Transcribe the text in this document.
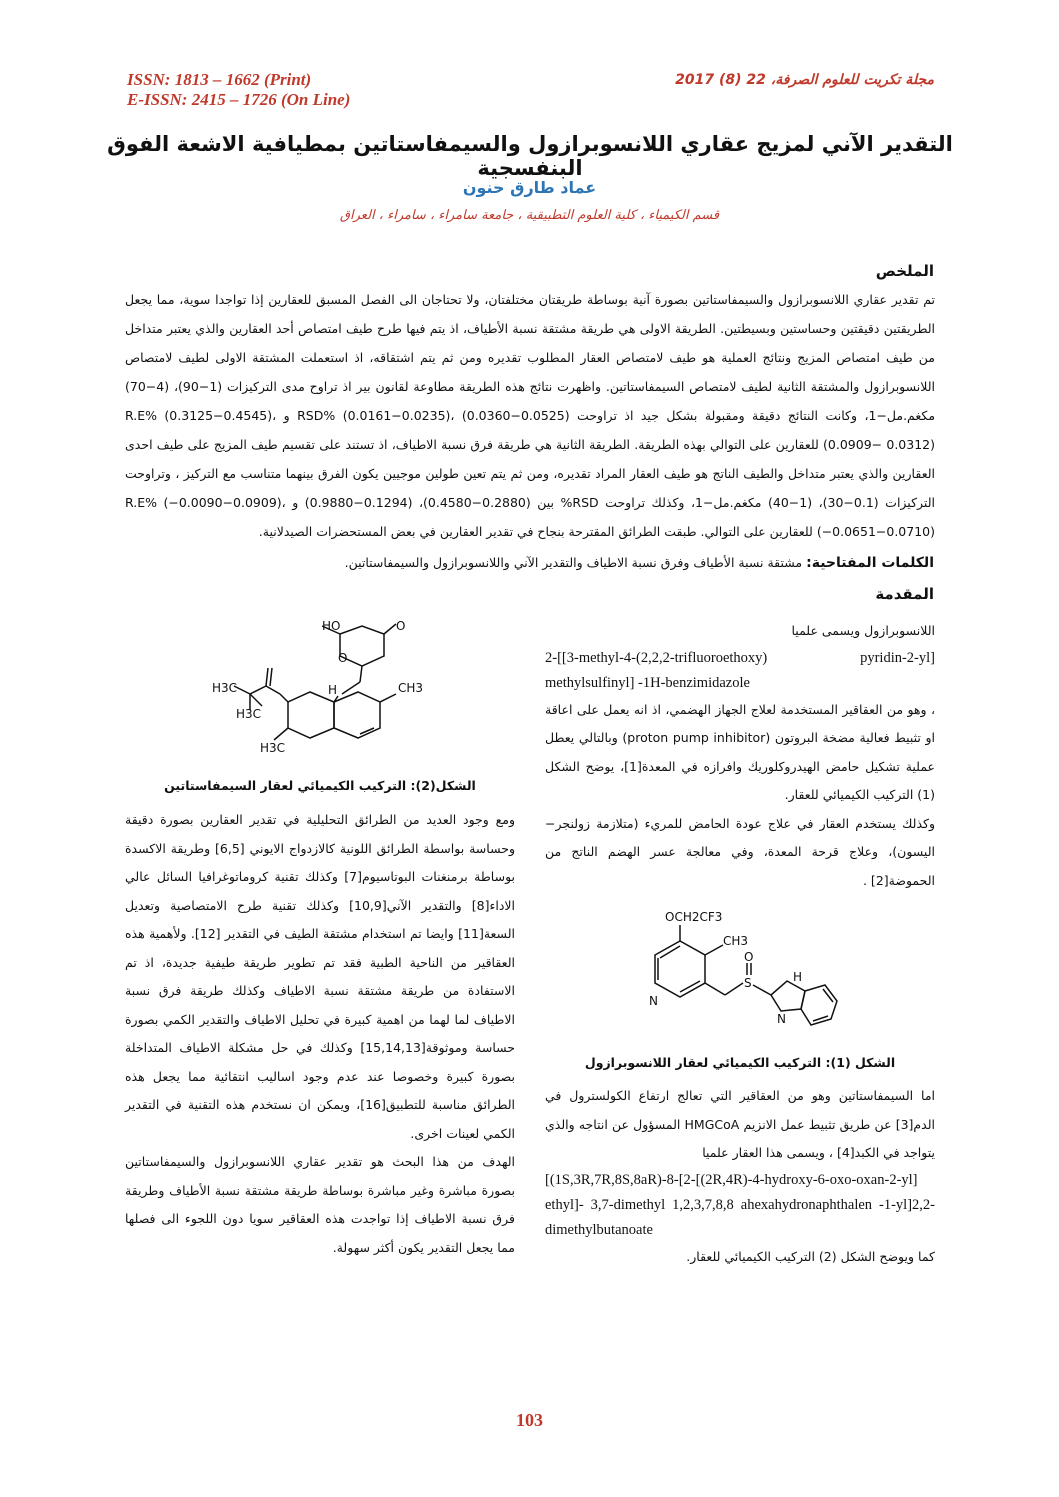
ISSN: 1813 – 1662 (Print)
E-ISSN: 2415 – 1726 (On Line)
مجلة تكريت للعلوم الصرفة، 22 (8) 2017
التقدير الآني لمزيج عقاري اللانسوبرازول والسيمفاستاتين بمطيافية الاشعة الفوق البنفسجية
عماد طارق حنون
قسم الكيمياء ، كلية العلوم التطبيقية ، جامعة سامراء ، سامراء ، العراق
الملخص

تم تقدير عقاري اللانسوبرازول والسيمفاستاتين بصورة آنية بوساطة طريقتان مختلفتان، ولا تحتاجان الى الفصل المسبق للعقارين إذا تواجدا سوية، مما يجعل الطريقتين دقيقتين وحساستين وبسيطتين. الطريقة الاولى هي طريقة مشتقة نسبة الأطياف، اذ يتم فيها طرح طيف امتصاص أحد العقارين والذي يعتبر متداخل من طيف امتصاص المزيج ونتائج العملية هو طيف لامتصاص العقار المطلوب تقديره ومن ثم يتم اشتقاقه، اذ استعملت المشتقة الاولى لطيف لامتصاص اللانسوبرازول والمشتقة الثانية لطيف لامتصاص السيمفاستاتين. واظهرت نتائج هذه الطريقة مطاوعة لقانون بير اذ تراوح مدى التركيزات (1−90)، (4−70) مكغم.مل−1، وكانت النتائج دقيقة ومقبولة بشكل جيد اذ تراوحت RSD% (0.0161−0.0235)، (0.0360−0.0525) و R.E% (0.3125−0.4545)، (0.0909− 0.0312) للعقارين على التوالي بهذه الطريقة. الطريقة الثانية هي طريقة فرق نسبة الاطياف، اذ تستند على تقسيم طيف المزيج على طيف احدى العقارين والذي يعتبر متداخل والطيف الناتج هو طيف العقار المراد تقديره، ومن ثم يتم تعين طولين موجيين يكون الفرق بينهما متناسب مع التركيز ، وتراوحت التركيزات (0.1−30)، (1−40) مكغم.مل−1، وكذلك تراوحت RSD% بين (0.2880−0.4580)، (0.1294−0.9880) و R.E% (−0.0090−0.0909)، (−0.0651−0.0710) للعقارين على التوالي. طبقت الطرائق المقترحة بنجاح في تقدير العقارين في بعض المستحضرات الصيدلانية.

الكلمات المفتاحية: مشتقة نسبة الأطياف وفرق نسبة الاطياف والتقدير الآني واللانسوبرازول والسيمفاستاتين.
المقدمة

اللانسوبرازول ويسمى علميا

2-[[3-methyl-4-(2,2,2-trifluoroethoxy) pyridin-2-yl] methylsulfinyl] -1H-benzimidazole

، وهو من العقاقير المستخدمة لعلاج الجهاز الهضمي، اذ انه يعمل على اعاقة او تثبيط فعالية مضخة البروتون (proton pump inhibitor) وبالتالي يعطل عملية تشكيل حامض الهيدروكلوريك وافرازه في المعدة[1]، يوضح الشكل (1) التركيب الكيميائي للعقار.

وكذلك يستخدم العقار في علاج عودة الحامض للمريء (متلازمة زولنجر− اليسون)، وعلاج قرحة المعدة، وفي معالجة عسر الهضم الناتج من الحموضة[2] .

OCH2CF3
CH3
N
S
O
N
H
الشكل (1): التركيب الكيميائي لعقار اللانسوبرازول

اما السيمفاستاتين وهو من العقاقير التي تعالج ارتفاع الكولسترول في الدم[3] عن طريق تثبيط عمل الانزيم HMGCoA المسؤول عن انتاجه والذي يتواجد في الكبد[4] ، ويسمى هذا العقار علميا

[(1S,3R,7R,8S,8aR)-8-[2-[(2R,4R)-4-hydroxy-6-oxo-oxan-2-yl] ethyl]- 3,7-dimethyl 1,2,3,7,8,8 ahexahydronaphthalen -1-yl]2,2- dimethylbutanoate

كما ويوضح الشكل (2) التركيب الكيميائي للعقار.

HO	O
O
H3C
H3C
H3C
CH3
H
الشكل(2): التركيب الكيميائي لعقار السيمفاستاتين

ومع وجود العديد من الطرائق التحليلية في تقدير العقارين بصورة دقيقة وحساسة بواسطة الطرائق اللونية كالازدواج الايوني [6,5] وطريقة الاكسدة بوساطة برمنغنات البوتاسيوم[7] وكذلك تقنية كروماتوغرافيا السائل عالي الاداء[8] والتقدير الآني[10,9] وكذلك تقنية طرح الامتصاصية وتعديل السعة[11] وايضا تم استخدام مشتقة الطيف في التقدير [12]. ولأهمية هذه العقاقير من الناحية الطبية فقد تم تطوير طريقة طيفية جديدة، اذ تم الاستفادة من طريقة مشتقة نسبة الاطياف وكذلك طريقة فرق نسبة الاطياف لما لهما من اهمية كبيرة في تحليل الاطياف والتقدير الكمي بصورة حساسة وموثوقة[15,14,13] وكذلك في حل مشكلة الاطياف المتداخلة بصورة كبيرة وخصوصا عند عدم وجود اساليب انتقائية مما يجعل هذه الطرائق مناسبة للتطبيق[16]، ويمكن ان نستخدم هذه التقنية في التقدير الكمي لعينات اخرى.

الهدف من هذا البحث هو تقدير عقاري اللانسوبرازول والسيمفاستاتين بصورة مباشرة وغير مباشرة بوساطة طريقة مشتقة نسبة الأطياف وطريقة فرق نسبة الاطياف إذا تواجدت هذه العقاقير سويا دون اللجوء الى فصلها مما يجعل التقدير يكون أكثر سهولة.

103
